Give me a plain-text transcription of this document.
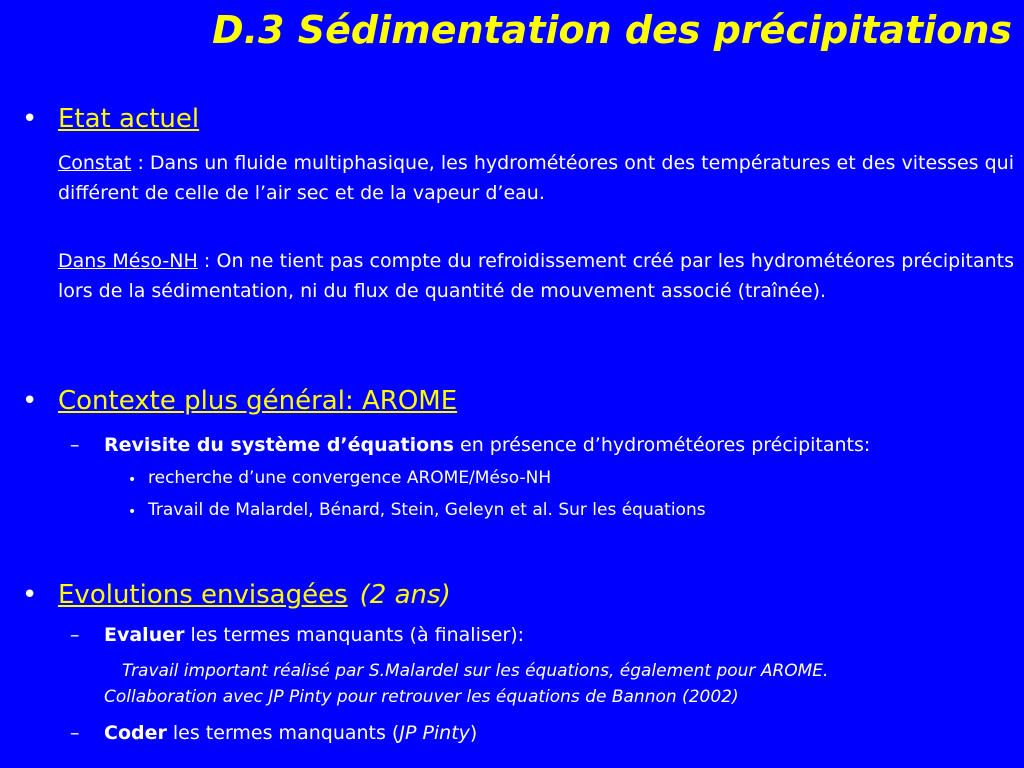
D.3 Sédimentation des précipitations
• Etat actuel
Constat : Dans un fluide multiphasique, les hydrométéores ont des températures et des vitesses qui différent de celle de l’air sec et de la vapeur d’eau.
Dans Méso-NH : On ne tient pas compte du refroidissement créé par les hydrométéores précipitants lors de la sédimentation, ni du flux de quantité de mouvement associé (traînée).
• Contexte plus général: AROME
– Revisite du système d’équations en présence d’hydrométéores précipitants:
• recherche d’une convergence AROME/Méso-NH
• Travail de Malardel, Bénard, Stein, Geleyn et al. Sur les équations
• Evolutions envisagées (2 ans)
– Evaluer les termes manquants (à finaliser):
Travail important réalisé par S.Malardel sur les équations, également pour AROME.
Collaboration avec JP Pinty pour retrouver les équations de Bannon (2002)
– Coder les termes manquants (JP Pinty)
